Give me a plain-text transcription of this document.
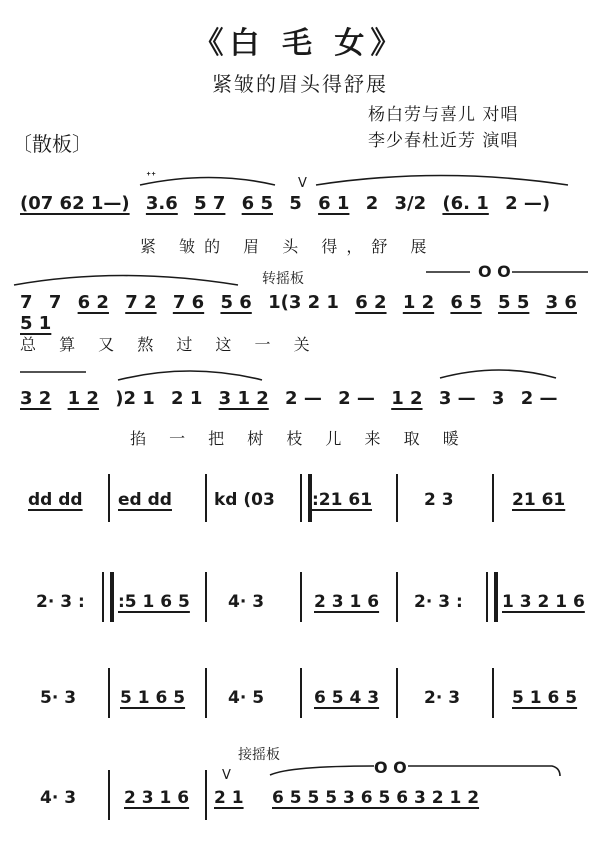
《白 毛 女》
紧皱的眉头得舒展
杨白劳与喜儿 对唱
李少春杜近芳 演唱
〔散板〕
ᐩᐩ	V
(07 62 1—) 3.6 5 7 6 5 5 6 1 2 3/2 (6. 1 2 —)
紧 皱的 眉 头 得，舒 展
转摇板	O O
7 7 6 2 7 2 7 6 5 6 1(3 2 1 6 2 1 2 6 5 5 5 3 6 5 1
总 算 又 熬 过 这 一 关
3 2 1 2 )2 1 2 1 3 1 2 2 — 2 — 1 2 3 — 3 2 —
掐 一 把 树 枝 儿 来 取 暖
dd dd ed dd kd (03 :21 61	2 3	21 61
2· 3 : :5 1 6 5 4· 3	2 3 1 6 2· 3 : 1 3 2 1 6
5· 3	5 1 6 5	4· 5	6 5 4 3	2· 3	5 1 6 5
接摇板
V	O O
4· 3	2 3 1 6 2 1 6 5 5 5 3 6 5 6 3 2 1 2
